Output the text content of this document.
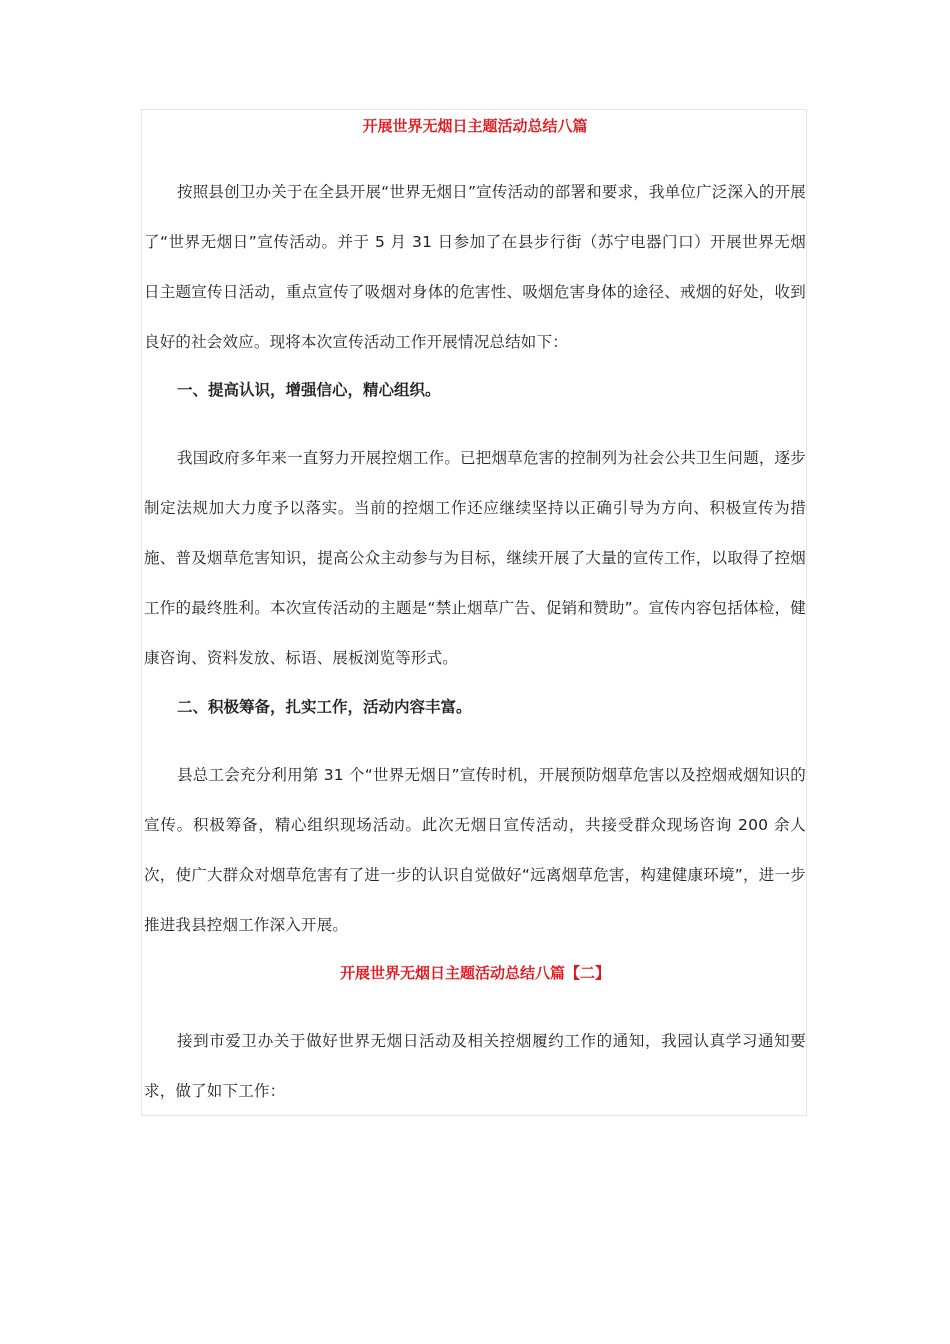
开展世界无烟日主题活动总结八篇

按照县创卫办关于在全县开展“世界无烟日”宣传活动的部署和要求，我单位广泛深入的开展了“世界无烟日”宣传活动。并于 5 月 31 日参加了在县步行街（苏宁电器门口）开展世界无烟日主题宣传日活动，重点宣传了吸烟对身体的危害性、吸烟危害身体的途径、戒烟的好处，收到良好的社会效应。现将本次宣传活动工作开展情况总结如下：

一、提高认识，增强信心，精心组织。

我国政府多年来一直努力开展控烟工作。已把烟草危害的控制列为社会公共卫生问题，逐步制定法规加大力度予以落实。当前的控烟工作还应继续坚持以正确引导为方向、积极宣传为措施、普及烟草危害知识，提高公众主动参与为目标，继续开展了大量的宣传工作，以取得了控烟工作的最终胜利。本次宣传活动的主题是“禁止烟草广告、促销和赞助”。宣传内容包括体检，健康咨询、资料发放、标语、展板浏览等形式。

二、积极筹备，扎实工作，活动内容丰富。

县总工会充分利用第 31 个“世界无烟日”宣传时机，开展预防烟草危害以及控烟戒烟知识的宣传。积极筹备，精心组织现场活动。此次无烟日宣传活动，共接受群众现场咨询 200 余人次，使广大群众对烟草危害有了进一步的认识自觉做好“远离烟草危害，构建健康环境”，进一步推进我县控烟工作深入开展。

开展世界无烟日主题活动总结八篇【二】

接到市爱卫办关于做好世界无烟日活动及相关控烟履约工作的通知，我园认真学习通知要求，做了如下工作：
